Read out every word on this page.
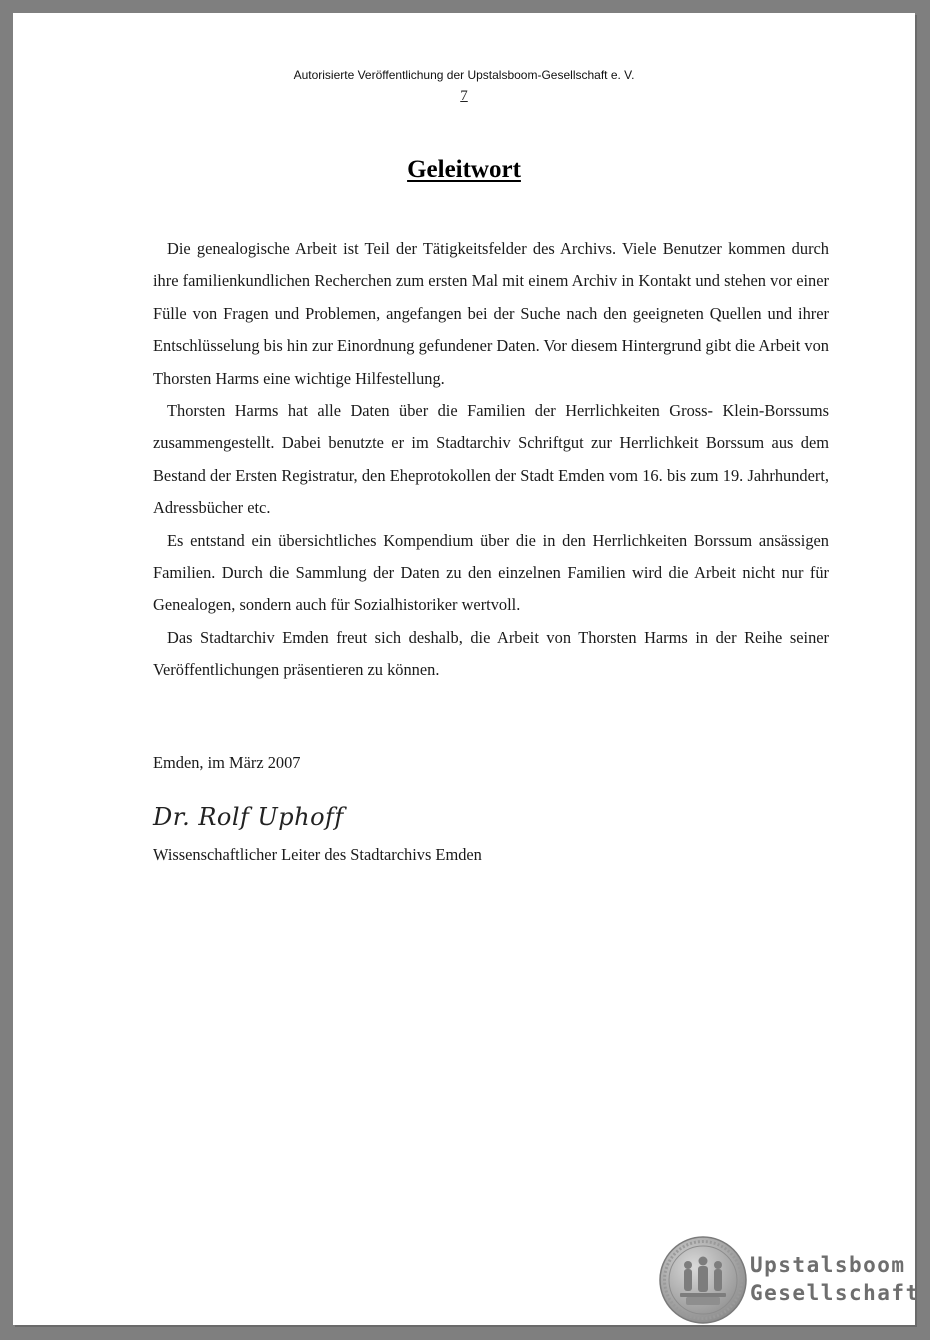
Autorisierte Veröffentlichung der Upstalsboom-Gesellschaft e. V.
7
Geleitwort

Die genealogische Arbeit ist Teil der Tätigkeitsfelder des Archivs. Viele Benutzer kommen durch ihre familienkundlichen Recherchen zum ersten Mal mit einem Archiv in Kontakt und stehen vor einer Fülle von Fragen und Problemen, angefangen bei der Suche nach den geeigneten Quellen und ihrer Entschlüsselung bis hin zur Einordnung gefundener Daten. Vor diesem Hintergrund gibt die Arbeit von Thorsten Harms eine wichtige Hilfestellung.

Thorsten Harms hat alle Daten über die Familien der Herrlichkeiten Gross- Klein-Borssums zusammengestellt. Dabei benutzte er im Stadtarchiv Schriftgut zur Herrlichkeit Borssum aus dem Bestand der Ersten Registratur, den Eheprotokollen der Stadt Emden vom 16. bis zum 19. Jahrhundert, Adressbücher etc.

Es entstand ein übersichtliches Kompendium über die in den Herrlichkeiten Borssum ansässigen Familien. Durch die Sammlung der Daten zu den einzelnen Familien wird die Arbeit nicht nur für Genealogen, sondern auch für Sozialhistoriker wertvoll.

Das Stadtarchiv Emden freut sich deshalb, die Arbeit von Thorsten Harms in der Reihe seiner Veröffentlichungen präsentieren zu können.

Emden, im März 2007
Dr. Rolf Uphoff
Wissenschaftlicher Leiter des Stadtarchivs Emden
Upstalsboom
Gesellschaft
